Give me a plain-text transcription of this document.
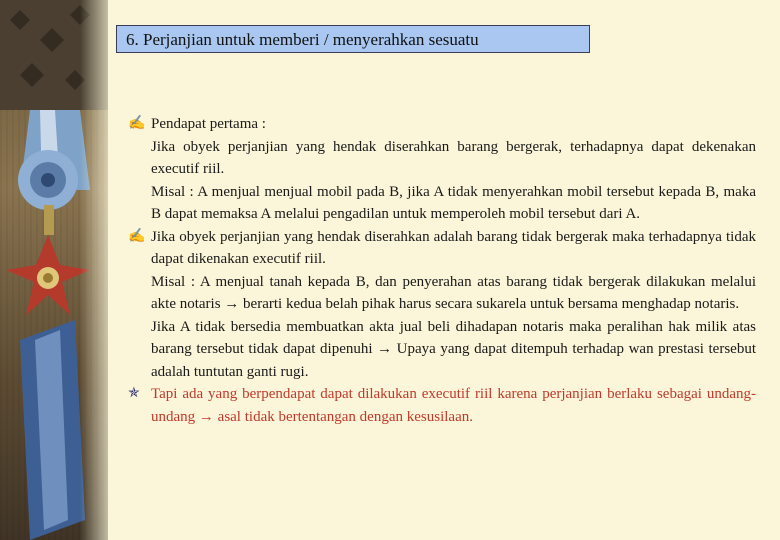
6. Perjanjian untuk memberi / menyerahkan sesuatu
✍ Pendapat pertama :
Jika obyek perjanjian yang hendak diserahkan barang bergerak, terhadapnya dapat dekenakan executif riil.
Misal : A menjual menjual mobil pada B, jika A tidak menyerahkan mobil tersebut kepada B, maka B dapat memaksa A melalui pengadilan untuk memperoleh mobil tersebut dari A.
✍ Jika obyek perjanjian yang hendak diserahkan adalah barang tidak bergerak maka terhadapnya tidak dapat dikenakan executif riil.
Misal : A menjual tanah kepada B, dan penyerahan atas barang tidak bergerak dilakukan melalui akte notaris → berarti kedua belah pihak harus secara sukarela untuk bersama menghadap notaris.
Jika A tidak bersedia membuatkan akta jual beli dihadapan notaris maka peralihan hak milik atas barang tersebut tidak dapat dipenuhi → Upaya yang dapat ditempuh terhadap wan prestasi tersebut adalah tuntutan ganti rugi.
✯ Tapi ada yang berpendapat dapat dilakukan executif riil karena perjanjian berlaku sebagai undang-undang → asal tidak bertentangan dengan kesusilaan.
